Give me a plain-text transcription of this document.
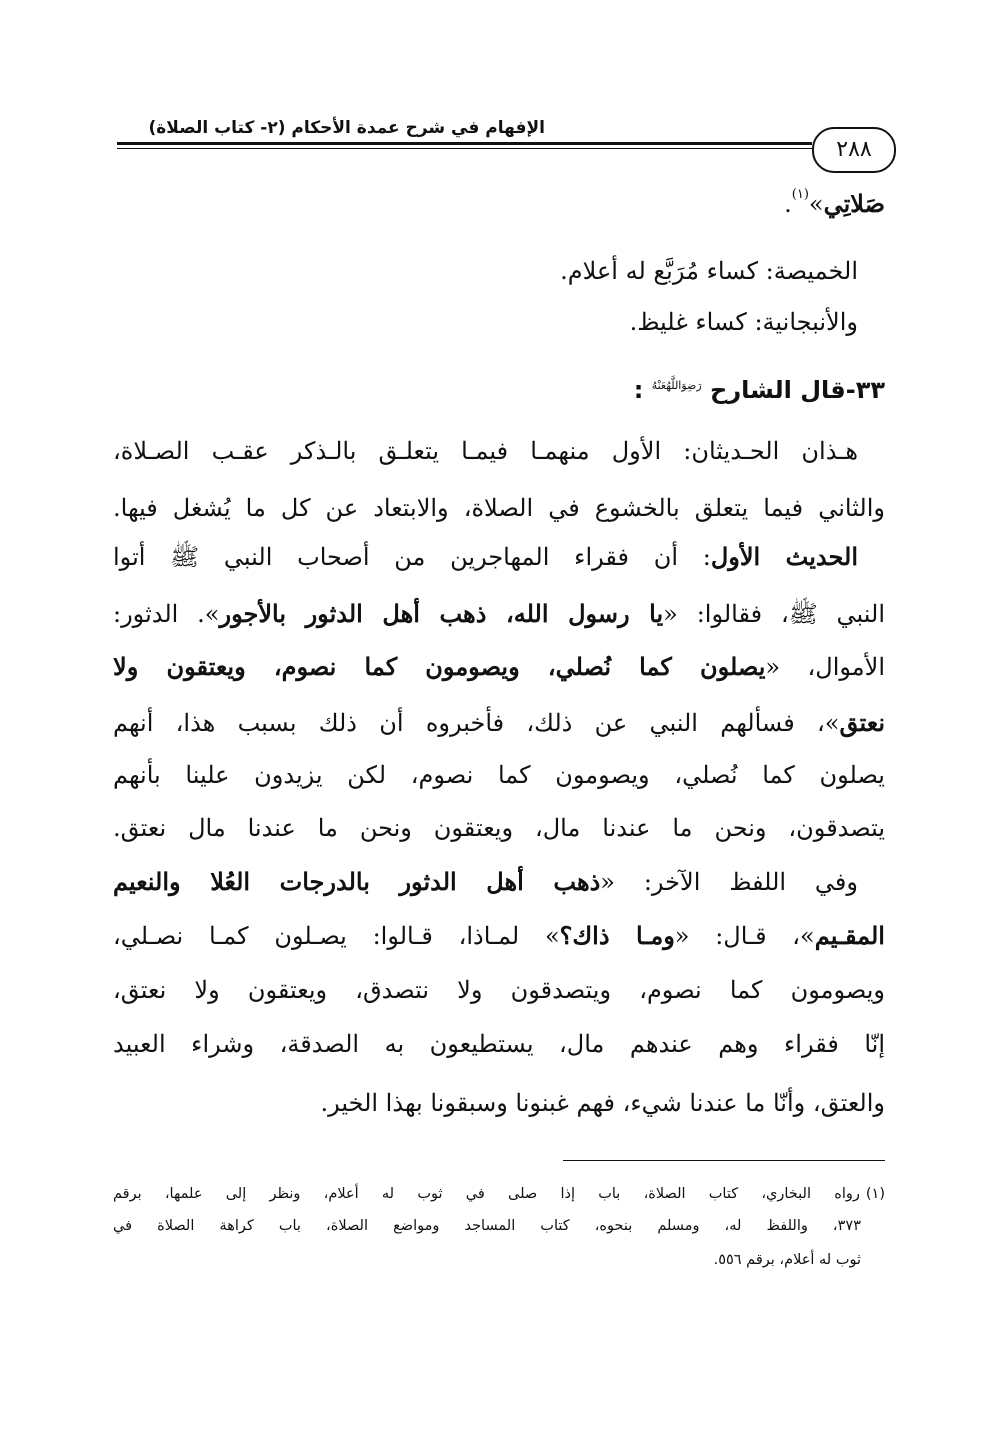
الإفهام في شرح عمدة الأحكام (٢- كتاب الصلاة)
٢٨٨
صَلاتِي»$^{(١)}$.
الخميصة: كساء مُرَبَّع له أعلام.
والأنبجانية: كساء غليظ.
٣٣-قال الشارح $^{رَضِوَاللَّهُعَنْهُ}$ :
هـذان الحـديثان: الأول منهمـا فيمـا يتعلـق بالـذكر عقـب الصـلاة،
والثاني فيما يتعلق بالخشوع في الصلاة، والابتعاد عن كل ما يُشغل فيها.
الحديث الأول: أن فقراء المهاجرين من أصحاب النبي ﷺ أتوا
النبي ﷺ، فقالوا: «يا رسول الله، ذهب أهل الدثور بالأجور». الدثور:
الأموال، «يصلون كما نُصلي، ويصومون كما نصوم، ويعتقون ولا
نعتق»، فسألهم النبي عن ذلك، فأخبروه أن ذلك بسبب هذا، أنهم
يصلون كما نُصلي، ويصومون كما نصوم، لكن يزيدون علينا بأنهم
يتصدقون، ونحن ما عندنا مال، ويعتقون ونحن ما عندنا مال نعتق.
وفي اللفظ الآخر: «ذهب أهل الدثور بالدرجات العُلا والنعيم
المقـيم»، قـال: «ومـا ذاك؟» لمـاذا، قـالوا: يصـلون كمـا نصـلي،
ويصومون كما نصوم، ويتصدقون ولا نتصدق، ويعتقون ولا نعتق،
إنّا فقراء وهم عندهم مال، يستطيعون به الصدقة، وشراء العبيد
والعتق، وأنّا ما عندنا شيء، فهم غبنونا وسبقونا بهذا الخير.
(١)رواه البخاري، كتاب الصلاة، باب إذا صلى في ثوب له أعلام، ونظر إلى علمها، برقم
٣٧٣، واللفظ له، ومسلم بنحوه، كتاب المساجد ومواضع الصلاة، باب كراهة الصلاة في
ثوب له أعلام، برقم ٥٥٦.
